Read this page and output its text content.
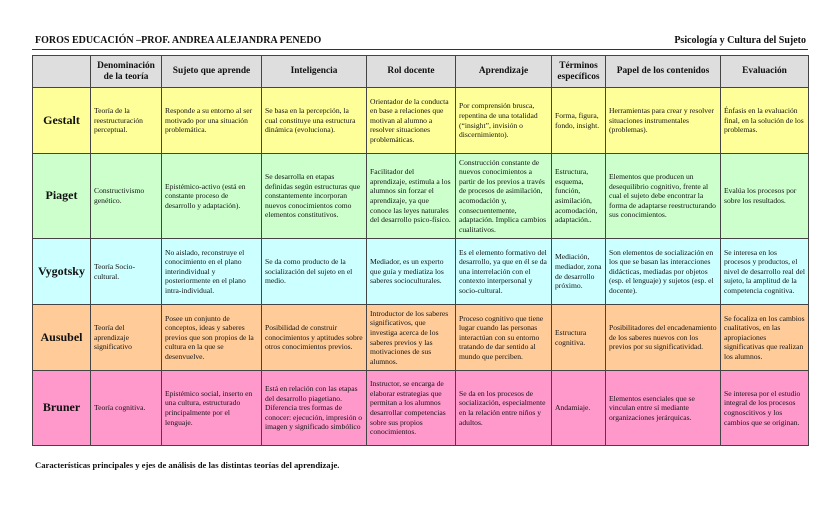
FOROS EDUCACIÓN –PROF. ANDREA ALEJANDRA PENEDO	Psicología y Cultura del Sujeto
	Denominación de la teoría	Sujeto que aprende	Inteligencia	Rol docente	Aprendizaje	Términos específicos	Papel de los contenidos	Evaluación
Gestalt	Teoría de la reestructuración perceptual.	Responde a su entorno al ser motivado por una situación problemática.	Se basa en la percepción, la cual constituye una estructura dinámica (evoluciona).	Orientador de la conducta en base a relaciones que motivan al alumno a resolver situaciones problemáticas.	Por comprensión brusca, repentina de una totalidad (“insight”, invisión o discernimiento).	Forma, figura, fondo, insight.	Herramientas para crear y resolver situaciones instrumentales (problemas).	Énfasis en la evaluación final, en la solución de los problemas.
Piaget	Constructivismo genético.	Epistémico-activo (está en constante proceso de desarrollo y adaptación).	Se desarrolla en etapas definidas según estructuras que constantemente incorporan nuevos conocimientos como elementos constitutivos.	Facilitador del aprendizaje, estimula a los alumnos sin forzar el aprendizaje, ya que conoce las leyes naturales del desarrollo psico-físico.	Construcción constante de nuevos conocimientos a partir de los previos a través de procesos de asimilación, acomodación y, consecuentemente, adaptación. Implica cambios cualitativos.	Estructura, esquema, función, asimilación, acomodación, adaptación..	Elementos que producen un desequilibrio cognitivo, frente al cual el sujeto debe encontrar la forma de adaptarse reestructurando sus conocimientos.	Evalúa los procesos por sobre los resultados.
Vygotsky	Teoría Socio-cultural.	No aislado, reconstruye el conocimiento en el plano interindividual y posteriormente en el plano intra-individual.	Se da como producto de la socialización del sujeto en el medio.	Mediador, es un experto que guía y mediatiza los saberes socioculturales.	Es el elemento formativo del desarrollo, ya que en él se da una interrelación con el contexto interpersonal y socio-cultural.	Mediación, mediador, zona de desarrollo próximo.	Son elementos de socialización en los que se basan las interacciones didácticas, mediadas por objetos (esp. el lenguaje) y sujetos (esp. el docente).	Se interesa en los procesos y productos, el nivel de desarrollo real del sujeto, la amplitud de la competencia cognitiva.
Ausubel	Teoría del aprendizaje significativo	Posee un conjunto de conceptos, ideas y saberes previos que son propios de la cultura en la que se desenvuelve.	Posibilidad de construir conocimientos y aptitudes sobre otros conocimientos previos.	Introductor de los saberes significativos, que investiga acerca de los saberes previos y las motivaciones de sus alumnos.	Proceso cognitivo que tiene lugar cuando las personas interactúan con su entorno tratando de dar sentido al mundo que perciben.	Estructura cognitiva.	Posibilitadores del encadenamiento de los saberes nuevos con los previos por su significatividad.	Se focaliza en los cambios cualitativos, en las apropiaciones significativas que realizan los alumnos.
Bruner	Teoría cognitiva.	Epistémico social, inserto en una cultura, estructurado principalmente por el lenguaje.	Está en relación con las etapas del desarrollo piagetiano. Diferencia tres formas de conocer: ejecución, impresión o imagen y significado simbólico	Instructor, se encarga de elaborar estrategias que permitan a los alumnos desarrollar competencias sobre sus propios conocimientos.	Se da en los procesos de socialización, especialmente en la relación entre niños y adultos.	Andamiaje.	Elementos esenciales que se vinculan entre sí mediante organizaciones jerárquicas.	Se interesa por el estudio integral de los procesos cognoscitivos y los cambios que se originan.
Características principales y ejes de análisis de las distintas teorías del aprendizaje.
